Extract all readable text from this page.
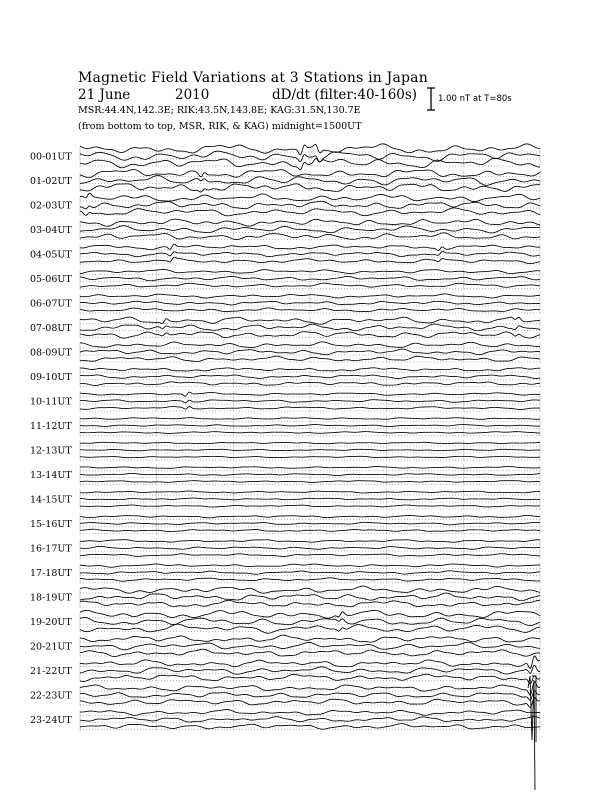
Magnetic Field Variations at 3 Stations in Japan
21 June	2010	dD/dt (filter:40-160s)
MSR:44.4N,142.3E; RIK:43.5N,143.8E; KAG:31.5N,130.7E
(from bottom to top, MSR, RIK, & KAG) midnight=1500UT
1.00 nT at T=80s
00-01UT
01-02UT
02-03UT
03-04UT
04-05UT
05-06UT
06-07UT
07-08UT
08-09UT
09-10UT
10-11UT
11-12UT
12-13UT
13-14UT
14-15UT
15-16UT
16-17UT
17-18UT
18-19UT
19-20UT
20-21UT
21-22UT
22-23UT
23-24UT
